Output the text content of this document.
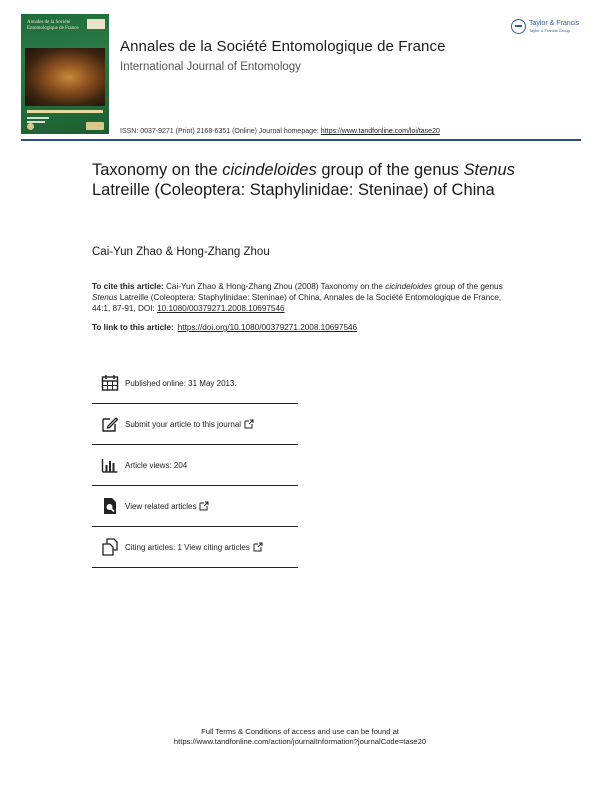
Annales de la Société Entomologique de France
Annales de la Société Entomologique de France
International Journal of Entomology
ISSN: 0037-9271 (Print) 2168-6351 (Online) Journal homepage: https://www.tandfonline.com/loi/tase20
Taylor & Francis
Taylor & Francis Group
Taxonomy on the cicindeloides group of the genus Stenus Latreille (Coleoptera: Staphylinidae: Steninae) of China
Cai-Yun Zhao & Hong-Zhang Zhou
To cite this article: Cai-Yun Zhao & Hong-Zhang Zhou (2008) Taxonomy on the cicindeloides group of the genus Stenus Latreille (Coleoptera: Staphylinidae: Steninae) of China, Annales de la Société Entomologique de France, 44:1, 87-91, DOI: 10.1080/00379271.2008.10697546
To link to this article: https://doi.org/10.1080/00379271.2008.10697546
Published online: 31 May 2013.
Submit your article to this journal
Article views: 204
View related articles
Citing articles: 1 View citing articles
Full Terms & Conditions of access and use can be found at
https://www.tandfonline.com/action/journalInformation?journalCode=tase20
